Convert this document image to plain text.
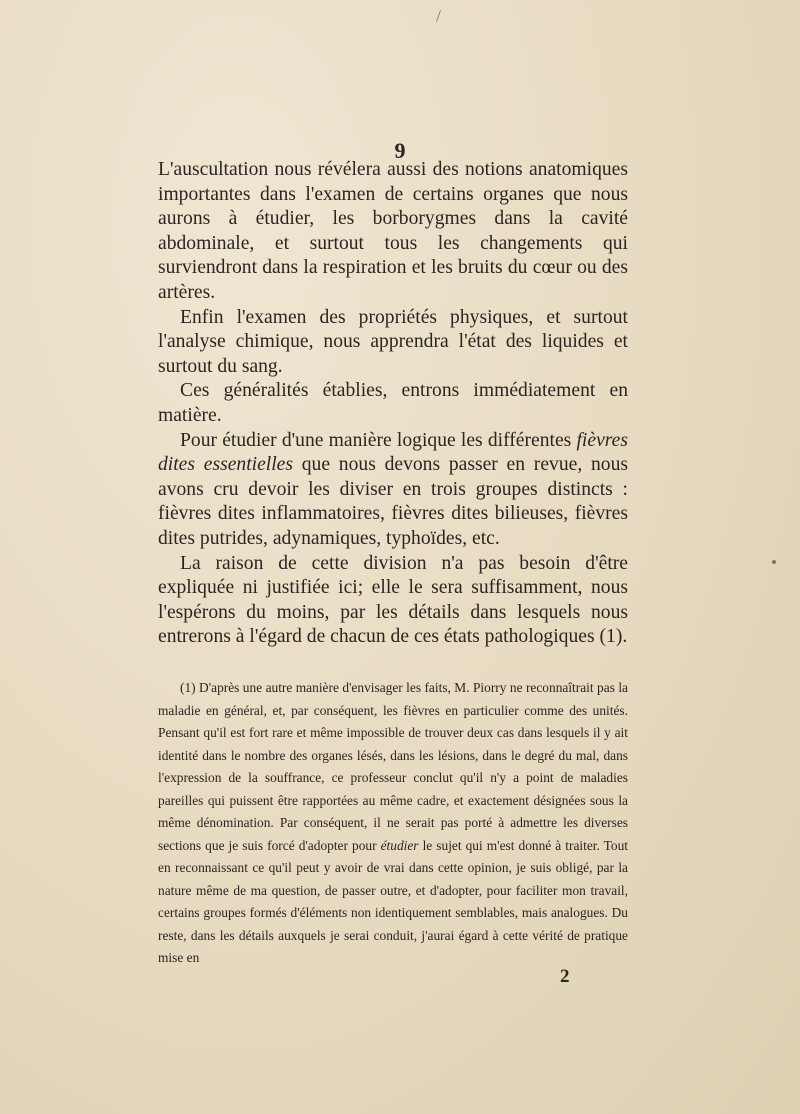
9

L'auscultation nous révélera aussi des notions anatomiques importantes dans l'examen de certains organes que nous aurons à étudier, les borborygmes dans la cavité abdominale, et surtout tous les changements qui surviendront dans la respiration et les bruits du cœur ou des artères.

Enfin l'examen des propriétés physiques, et surtout l'analyse chimique, nous apprendra l'état des liquides et surtout du sang.

Ces généralités établies, entrons immédiatement en matière.

Pour étudier d'une manière logique les différentes fièvres dites essentielles que nous devons passer en revue, nous avons cru devoir les diviser en trois groupes distincts : fièvres dites inflammatoires, fièvres dites bilieuses, fièvres dites putrides, adynamiques, typhoïdes, etc.

La raison de cette division n'a pas besoin d'être expliquée ni justifiée ici; elle le sera suffisamment, nous l'espérons du moins, par les détails dans lesquels nous entrerons à l'égard de chacun de ces états pathologiques (1).

(1) D'après une autre manière d'envisager les faits, M. Piorry ne reconnaîtrait pas la maladie en général, et, par conséquent, les fièvres en particulier comme des unités. Pensant qu'il est fort rare et même impossible de trouver deux cas dans lesquels il y ait identité dans le nombre des organes lésés, dans les lésions, dans le degré du mal, dans l'expression de la souffrance, ce professeur conclut qu'il n'y a point de maladies pareilles qui puissent être rapportées au même cadre, et exactement désignées sous la même dénomination. Par conséquent, il ne serait pas porté à admettre les diverses sections que je suis forcé d'adopter pour étudier le sujet qui m'est donné à traiter. Tout en reconnaissant ce qu'il peut y avoir de vrai dans cette opinion, je suis obligé, par la nature même de ma question, de passer outre, et d'adopter, pour faciliter mon travail, certains groupes formés d'éléments non identiquement semblables, mais analogues. Du reste, dans les détails auxquels je serai conduit, j'aurai égard à cette vérité de pratique mise en

2
